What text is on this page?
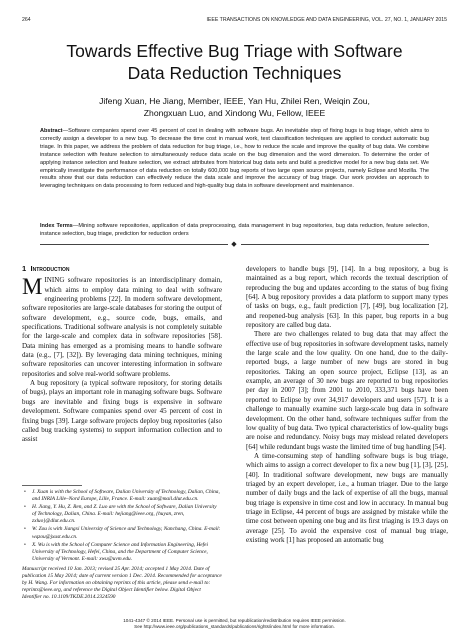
264	IEEE TRANSACTIONS ON KNOWLEDGE AND DATA ENGINEERING, VOL. 27, NO. 1, JANUARY 2015
Towards Effective Bug Triage with Software
Data Reduction Techniques
Jifeng Xuan, He Jiang, Member, IEEE, Yan Hu, Zhilei Ren, Weiqin Zou,
Zhongxuan Luo, and Xindong Wu, Fellow, IEEE
Abstract—Software companies spend over 45 percent of cost in dealing with software bugs. An inevitable step of fixing bugs is bug triage, which aims to correctly assign a developer to a new bug. To decrease the time cost in manual work, text classification techniques are applied to conduct automatic bug triage. In this paper, we address the problem of data reduction for bug triage, i.e., how to reduce the scale and improve the quality of bug data. We combine instance selection with feature selection to simultaneously reduce data scale on the bug dimension and the word dimension. To determine the order of applying instance selection and feature selection, we extract attributes from historical bug data sets and build a predictive model for a new bug data set. We empirically investigate the performance of data reduction on totally 600,000 bug reports of two large open source projects, namely Eclipse and Mozilla. The results show that our data reduction can effectively reduce the data scale and improve the accuracy of bug triage. Our work provides an approach to leveraging techniques on data processing to form reduced and high-quality bug data in software development and maintenance.
Index Terms—Mining software repositories, application of data preprocessing, data management in bug repositories, bug data reduction, feature selection, instance selection, bug triage, prediction for reduction orders
◆
1 Introduction

MINING software repositories is an interdisciplinary domain, which aims to employ data mining to deal with software engineering problems [22]. In modern software development, software repositories are large-scale databases for storing the output of software development, e.g., source code, bugs, emails, and specifications. Traditional software analysis is not completely suitable for the large-scale and complex data in software repositories [58]. Data mining has emerged as a promising means to handle software data (e.g., [7], [32]). By leveraging data mining techniques, mining software repositories can uncover interesting information in software repositories and solve real-world software problems.

A bug repository (a typical software repository, for storing details of bugs), plays an important role in managing software bugs. Software bugs are inevitable and fixing bugs is expensive in software development. Software companies spend over 45 percent of cost in fixing bugs [39]. Large software projects deploy bug repositories (also called bug tracking systems) to support information collection and to assist

• J. Xuan is with the School of Software, Dalian University of Technology, Dalian, China, and INRIA Lille–Nord Europe, Lille, France. E-mail: xuan@mail.dlut.edu.cn.
• H. Jiang, Y. Hu, Z. Ren, and Z. Luo are with the School of Software, Dalian University of Technology, Dalian, China. E-mail: hejiang@ieee.org, {huyan, zren, zxluo}@dlut.edu.cn.
• W. Zou is with Jiangxi University of Science and Technology, Nanchang, China. E-mail: wqzou@jxust.edu.cn.
• X. Wu is with the School of Computer Science and Information Engineering, Hefei University of Technology, Hefei, China, and the Department of Computer Science, University of Vermont. E-mail: xwu@uvm.edu.
Manuscript received 10 Jan. 2013; revised 25 Apr. 2014; accepted 1 May 2014. Date of publication 15 May 2014; date of current version 1 Dec. 2014. Recommended for acceptance by H. Wang. For information on obtaining reprints of this article, please send e-mail to: reprints@ieee.org, and reference the Digital Object Identifier below. Digital Object Identifier no. 10.1109/TKDE.2014.2324590

developers to handle bugs [9], [14]. In a bug repository, a bug is maintained as a bug report, which records the textual description of reproducing the bug and updates according to the status of bug fixing [64]. A bug repository provides a data platform to support many types of tasks on bugs, e.g., fault prediction [7], [49], bug localization [2], and reopened-bug analysis [63]. In this paper, bug reports in a bug repository are called bug data.

There are two challenges related to bug data that may affect the effective use of bug repositories in software development tasks, namely the large scale and the low quality. On one hand, due to the daily-reported bugs, a large number of new bugs are stored in bug repositories. Taking an open source project, Eclipse [13], as an example, an average of 30 new bugs are reported to bug repositories per day in 2007 [3]; from 2001 to 2010, 333,371 bugs have been reported to Eclipse by over 34,917 developers and users [57]. It is a challenge to manually examine such large-scale bug data in software development. On the other hand, software techniques suffer from the low quality of bug data. Two typical characteristics of low-quality bugs are noise and redundancy. Noisy bugs may mislead related developers [64] while redundant bugs waste the limited time of bug handling [54].

A time-consuming step of handling software bugs is bug triage, which aims to assign a correct developer to fix a new bug [1], [3], [25], [40]. In traditional software development, new bugs are manually triaged by an expert developer, i.e., a human triager. Due to the large number of daily bugs and the lack of expertise of all the bugs, manual bug triage is expensive in time cost and low in accuracy. In manual bug triage in Eclipse, 44 percent of bugs are assigned by mistake while the time cost between opening one bug and its first triaging is 19.3 days on average [25]. To avoid the expensive cost of manual bug triage, existing work [1] has proposed an automatic bug

1041-4347 © 2014 IEEE. Personal use is permitted, but republication/redistribution requires IEEE permission.
See http://www.ieee.org/publications_standards/publications/rights/index.html for more information.
